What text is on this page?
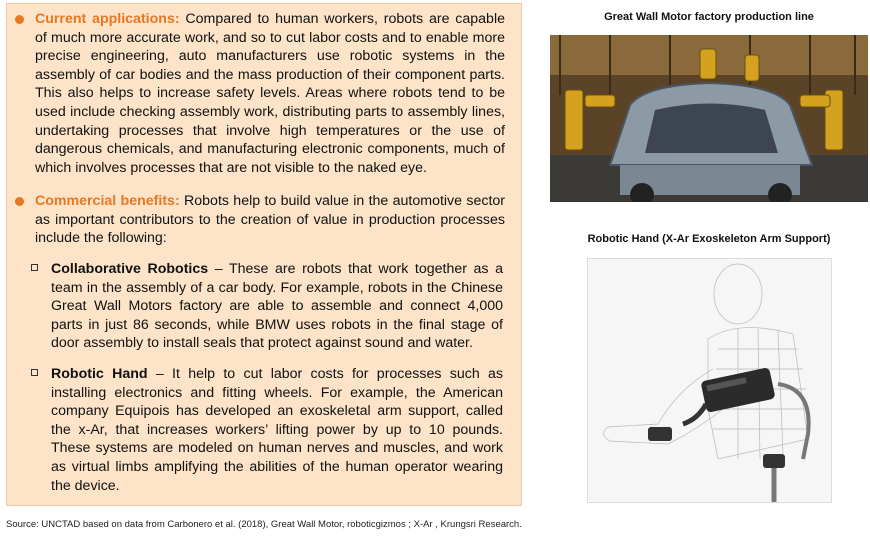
Current applications: Compared to human workers, robots are capable of much more accurate work, and so to cut labor costs and to enable more precise engineering, auto manufacturers use robotic systems in the assembly of car bodies and the mass production of their component parts. This also helps to increase safety levels. Areas where robots tend to be used include checking assembly work, distributing parts to assembly lines, undertaking processes that involve high temperatures or the use of dangerous chemicals, and manufacturing electronic components, much of which involves processes that are not visible to the naked eye.
Commercial benefits: Robots help to build value in the automotive sector as important contributors to the creation of value in production processes include the following:
Collaborative Robotics – These are robots that work together as a team in the assembly of a car body. For example, robots in the Chinese Great Wall Motors factory are able to assemble and connect 4,000 parts in just 86 seconds, while BMW uses robots in the final stage of door assembly to install seals that protect against sound and water.
Robotic Hand – It help to cut labor costs for processes such as installing electronics and fitting wheels. For example, the American company Equipois has developed an exoskeletal arm support, called the x-Ar, that increases workers’ lifting power by up to 10 pounds. These systems are modeled on human nerves and muscles, and work as virtual limbs amplifying the abilities of the human operator wearing the device.
Great Wall Motor factory production line
Robotic Hand (X-Ar Exoskeleton Arm Support)
Source: UNCTAD based on data from Carbonero et al. (2018), Great Wall Motor, roboticgizmos ; X-Ar , Krungsri Research.
